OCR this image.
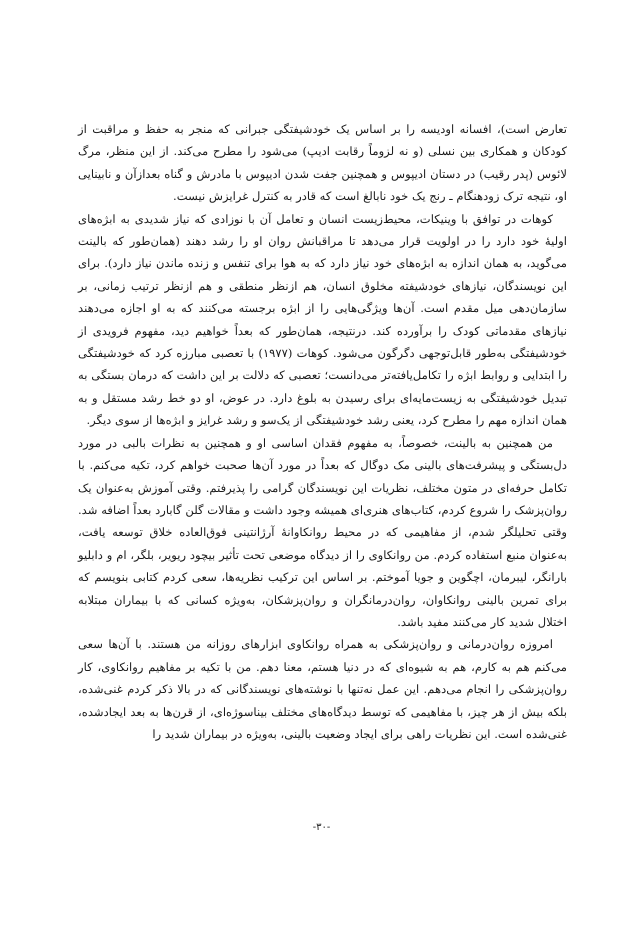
تعارض است)، افسانه اودیسه را بر اساس یک خودشیفتگی جبرانی که منجر به حفظ و مراقبت از کودکان و همکاری بین نسلی (و نه لزوماً رقابت ادیپ) می‌شود را مطرح می‌کند. از این منظر، مرگ لائوس (پدر رقیب) در دستان ادیپوس و همچنین جفت شدن ادیپوس با مادرش و گناه بعدازآن و نابینایی او، نتیجه ترک زودهنگام ـ رنج یک خود نابالغ است که قادر به کنترل غرایزش نیست.

کوهات در توافق با وینیکات، محیط‌زیست انسان و تعامل آن با نوزادی که نیاز شدیدی به ابژه‌های اولیهٔ خود دارد را در اولویت قرار می‌دهد تا مراقبانش روان او را رشد دهند (همان‌طور که بالینت می‌گوید، به همان اندازه به ابژه‌های خود نیاز دارد که به هوا برای تنفس و زنده ماندن نیاز دارد). برای این نویسندگان، نیازهای خودشیفته مخلوق انسان، هم ازنظر منطقی و هم ازنظر ترتیب زمانی، بر سازمان‌دهی میل مقدم است. آن‌ها ویژگی‌هایی را از ابژه برجسته می‌کنند که به او اجازه می‌دهند نیازهای مقدماتی کودک را برآورده کند. درنتیجه، همان‌طور که بعداً خواهیم دید، مفهوم فرویدی از خودشیفتگی به‌طور قابل‌توجهی دگرگون می‌شود. کوهات (۱۹۷۷) با تعصبی مبارزه کرد که خودشیفتگی را ابتدایی و روابط ابژه را تکامل‌یافته‌تر می‌دانست؛ تعصبی که دلالت بر این داشت که درمان بستگی به تبدیل خودشیفتگی به زیست‌مایه‌ای برای رسیدن به بلوغ دارد. در عوض، او دو خط رشد مستقل و به همان اندازه مهم را مطرح کرد، یعنی رشد خودشیفتگی از یک‌سو و رشد غرایز و ابژه‌ها از سوی دیگر.

من همچنین به بالینت، خصوصاً، به مفهوم فقدان اساسی او و همچنین به نظرات بالبی در مورد دل‌بستگی و پیشرفت‌های بالینی مک دوگال که بعداً در مورد آن‌ها صحبت خواهم کرد، تکیه می‌کنم. با تکامل حرفه‌ای در متون مختلف، نظریات این نویسندگان گرامی را پذیرفتم. وقتی آموزش به‌عنوان یک روان‌پزشک را شروع کردم، کتاب‌های هنری‌ای همیشه وجود داشت و مقالات گلن گابارد بعداً اضافه شد. وقتی تحلیلگر شدم، از مفاهیمی که در محیط روانکاوانهٔ آرژانتینی فوق‌العاده خلاق توسعه یافت، به‌عنوان منبع استفاده کردم. من روانکاوی را از دیدگاه موضعی تحت تأثیر بیچود ریویر، بلگر، ام و دابلیو بارانگر، لیبرمان، اچگوین و جویا آموختم. بر اساس این ترکیب نظریه‌ها، سعی کردم کتابی بنویسم که برای تمرین بالینی روانکاوان، روان‌درمانگران و روان‌پزشکان، به‌ویژه کسانی که با بیماران مبتلابه اختلال شدید کار می‌کنند مفید باشد.

امروزه روان‌درمانی و روان‌پزشکی به همراه روانکاوی ابزارهای روزانه من هستند. با آن‌ها سعی می‌کنم هم به کارم، هم به شیوه‌ای که در دنیا هستم، معنا دهم. من با تکیه بر مفاهیم روانکاوی، کار روان‌پزشکی را انجام می‌دهم. این عمل نه‌تنها با نوشته‌های نویسندگانی که در بالا ذکر کردم غنی‌شده، بلکه بیش از هر چیز، با مفاهیمی که توسط دیدگاه‌های مختلف بینا‌سوژه‌ای، از قرن‌ها به بعد ایجادشده، غنی‌شده است. این نظریات راهی برای ایجاد وضعیت بالینی، به‌ویژه در بیماران شدید را

-۳۰-
